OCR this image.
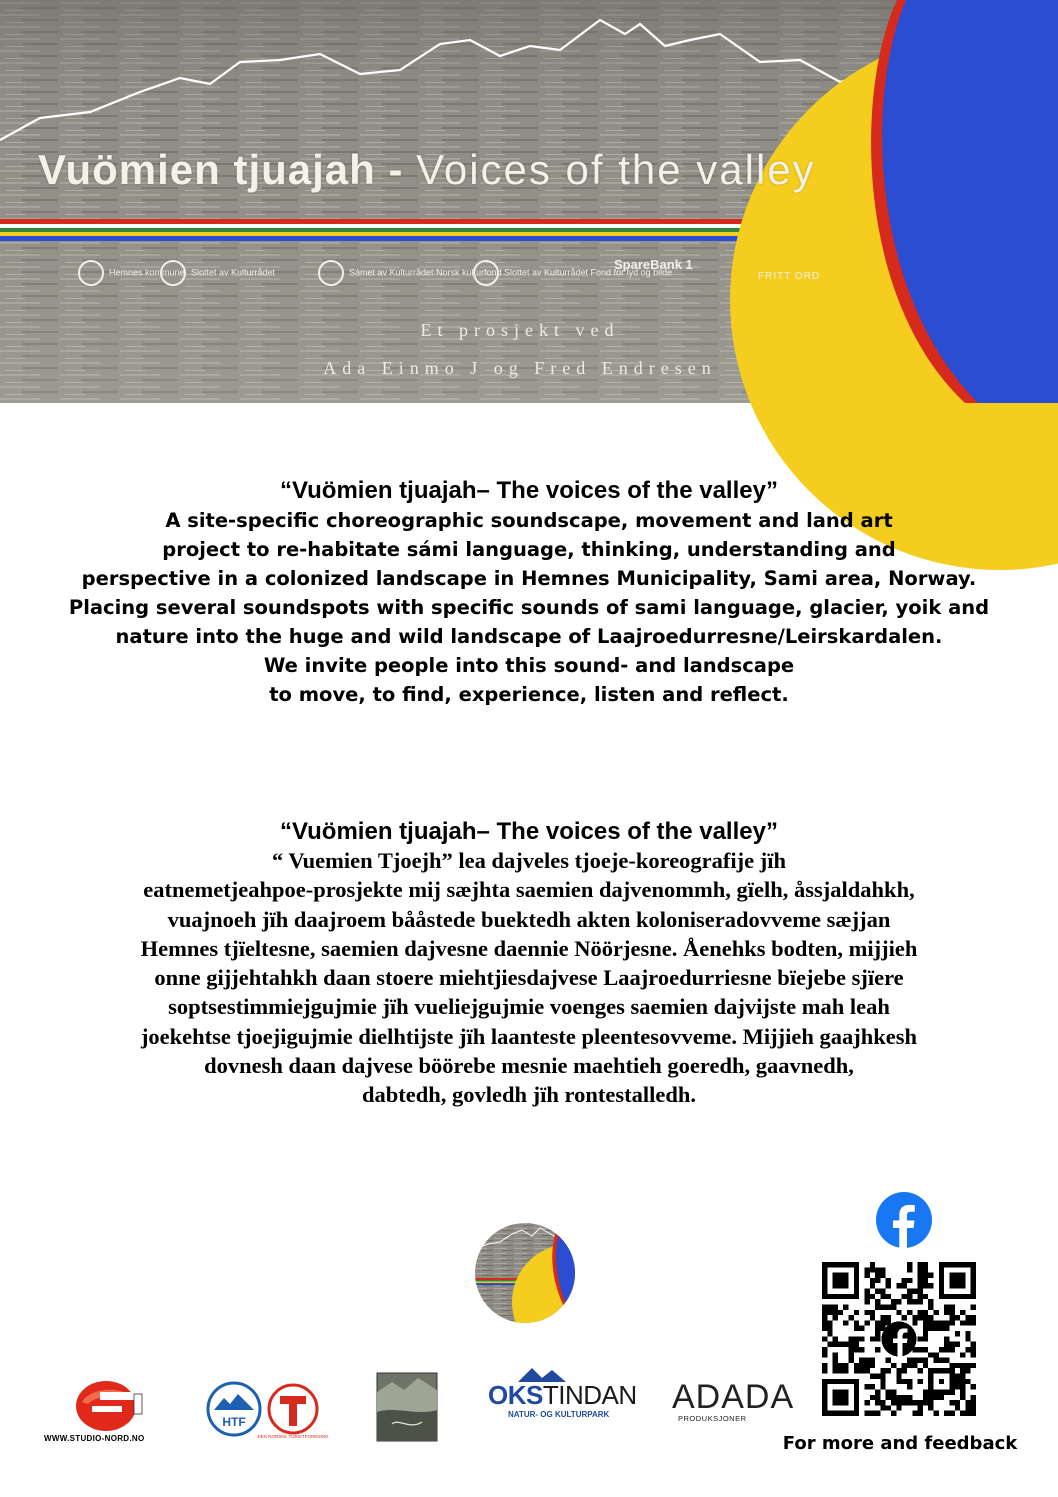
Vuömien tjuajah - Voices of the valley
Hemnes kommune Slottet av Kulturrådet	Sámet av Kulturrådet Norsk kulturfond Slottet av Kulturrådet Fond for lyd og bilde
SpareBank 1
FRITT ORD
Et prosjekt ved
Ada Einmo J og Fred Endresen
“Vuömien tjuajah– The voices of the valley”
A site-specific choreographic soundscape, movement and land art
project to re-habitate sámi language, thinking, understanding and
perspective in a colonized landscape in Hemnes Municipality, Sami area, Norway.
Placing several soundspots with specific sounds of sami language, glacier, yoik and
nature into the huge and wild landscape of Laajroedurresne/Leirskardalen.
We invite people into this sound- and landscape
to move, to find, experience, listen and reflect.
“Vuömien tjuajah– The voices of the valley”
“ Vuemien Tjoejh” lea dajveles tjoeje-koreografije jïh
eatnemetjeahpoe-prosjekte mij sæjhta saemien dajvenommh, gïelh, åssjaldahkh,
vuajnoeh jïh daajroem bååstede buektedh akten koloniseradovveme sæjjan
Hemnes tjïeltesne, saemien dajvesne daennie Nöörjesne. Åenehks bodten, mijjieh
onne gijjehtahkh daan stoere miehtjiesdajvese Laajroedurriesne bïejebe sjïere
soptsestimmiejgujmie jïh vueliejgujmie voenges saemien dajvijste mah leah
joekehtse tjoejigujmie dielhtijste jïh laanteste pleentesovveme. Mijjieh gaajhkesh
dovnesh daan dajvese böörebe mesnie maehtieh goeredh, gaavnedh,
dabtedh, govledh jïh rontestalledh.
For more and feedback
WWW.STUDIO-NORD.NO
HTF
DEN NORSKE TURISTFORENING
OKSTINDAN
NATUR- OG KULTURPARK ADADA
PRODUKSJONER
